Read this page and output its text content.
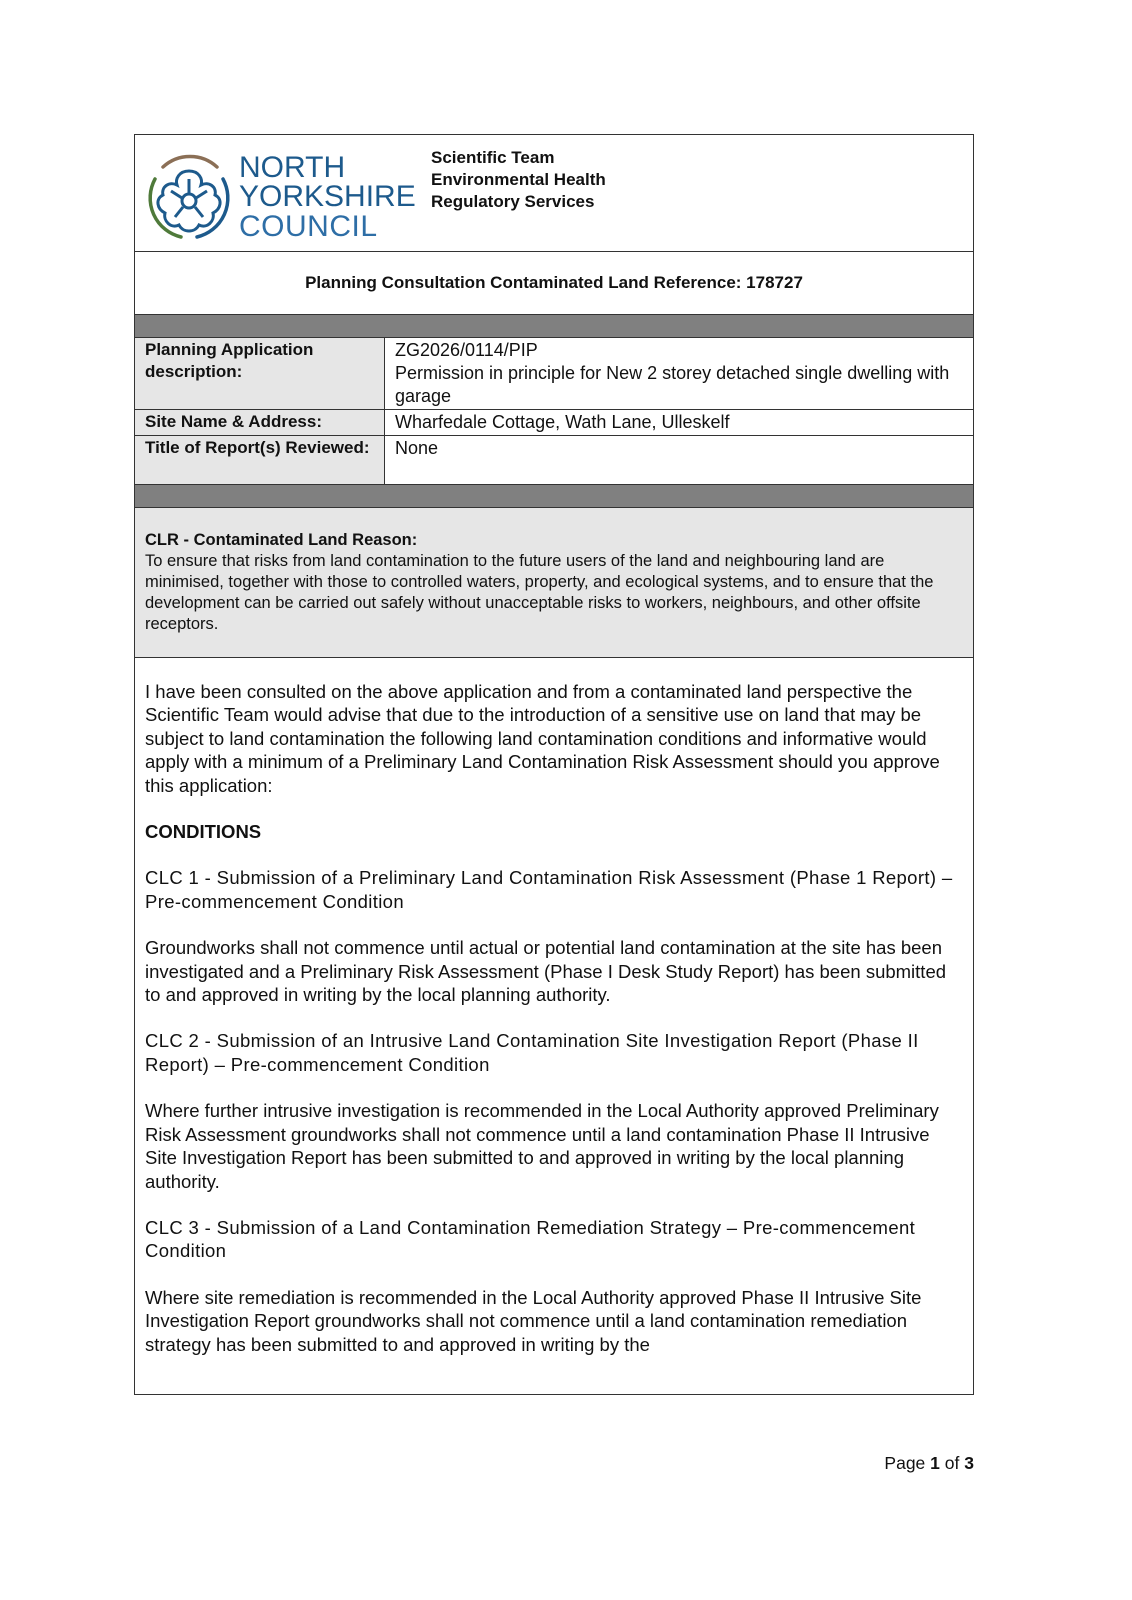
NORTH
YORKSHIRE
COUNCIL
Scientific Team
Environmental Health
Regulatory Services
Planning Consultation Contaminated Land Reference: 178727
Planning Application description:	ZG2026/0114/PIP
Permission in principle for New 2 storey detached single dwelling with garage

Site Name & Address:	Wharfedale Cottage, Wath Lane, Ulleskelf
Title of Report(s) Reviewed:	None
CLR - Contaminated Land Reason:
To ensure that risks from land contamination to the future users of the land and neighbouring land are minimised, together with those to controlled waters, property, and ecological systems, and to ensure that the development can be carried out safely without unacceptable risks to workers, neighbours, and other offsite receptors.

I have been consulted on the above application and from a contaminated land perspective the Scientific Team would advise that due to the introduction of a sensitive use on land that may be subject to land contamination the following land contamination conditions and informative would apply with a minimum of a Preliminary Land Contamination Risk Assessment should you approve this application:

CONDITIONS

CLC 1 - Submission of a Preliminary Land Contamination Risk Assessment (Phase 1 Report) – Pre-commencement Condition

Groundworks shall not commence until actual or potential land contamination at the site has been investigated and a Preliminary Risk Assessment (Phase I Desk Study Report) has been submitted to and approved in writing by the local planning authority.

CLC 2 - Submission of an Intrusive Land Contamination Site Investigation Report (Phase II Report) – Pre-commencement Condition

Where further intrusive investigation is recommended in the Local Authority approved Preliminary Risk Assessment groundworks shall not commence until a land contamination Phase II Intrusive Site Investigation Report has been submitted to and approved in writing by the local planning authority.

CLC 3 - Submission of a Land Contamination Remediation Strategy – Pre-commencement Condition

Where site remediation is recommended in the Local Authority approved Phase II Intrusive Site Investigation Report groundworks shall not commence until a land contamination remediation strategy has been submitted to and approved in writing by the

Page 1 of 3
